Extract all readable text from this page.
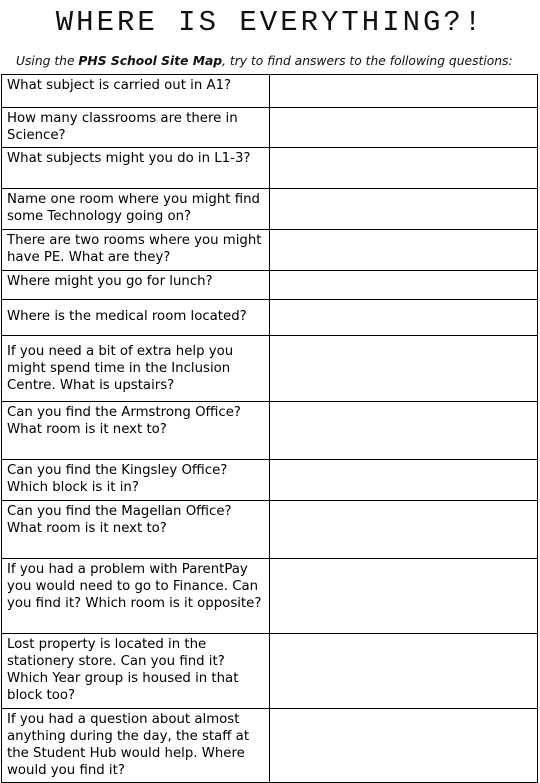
WHERE IS EVERYTHING?!
Using the PHS School Site Map, try to find answers to the following questions:
What subject is carried out in A1?	
How many classrooms are there in Science?	
What subjects might you do in L1-3?	
Name one room where you might find some Technology going on?	
There are two rooms where you might have PE. What are they?	
Where might you go for lunch?	
Where is the medical room located?	
If you need a bit of extra help you might spend time in the Inclusion Centre. What is upstairs?	
Can you find the Armstrong Office? What room is it next to?	
Can you find the Kingsley Office? Which block is it in?	
Can you find the Magellan Office? What room is it next to?	
If you had a problem with ParentPay you would need to go to Finance. Can you find it? Which room is it opposite?	
Lost property is located in the stationery store. Can you find it? Which Year group is housed in that block too?	
If you had a question about almost anything during the day, the staff at the Student Hub would help. Where would you find it?	
